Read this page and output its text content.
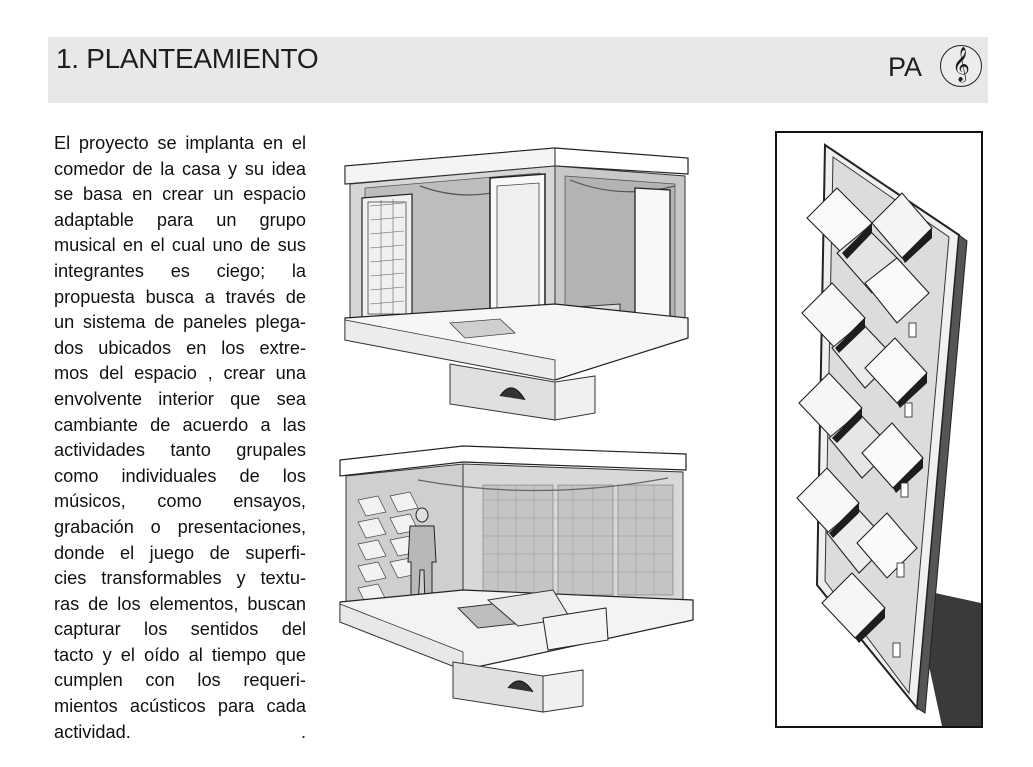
1. PLANTEAMIENTO	PA 𝄞
El proyecto se implanta en el
comedor de la casa y su idea
se basa en crear un espacio
adaptable para un grupo
musical en el cual uno de sus
integrantes es ciego; la
propuesta busca a través de
un sistema de paneles plega-
dos ubicados en los extre-
mos del espacio , crear una
envolvente interior que sea
cambiante de acuerdo a las
actividades tanto grupales
como individuales de los
músicos, como ensayos,
grabación o presentaciones,
donde el juego de superfi-
cies transformables y textu-
ras de los elementos, buscan
capturar los sentidos del
tacto y el oído al tiempo que
cumplen con los requeri-
mientos acústicos para cada
actividad.	.
